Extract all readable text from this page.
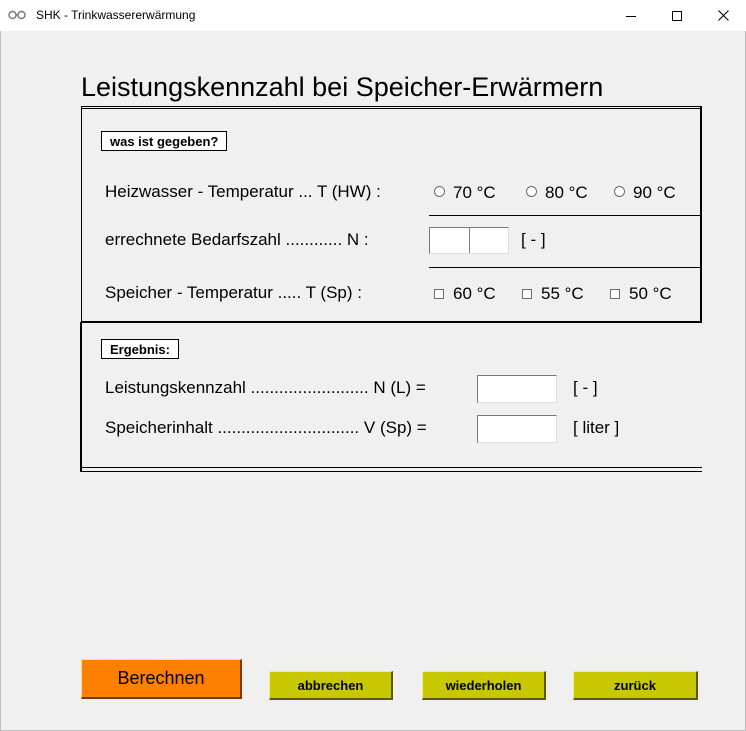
SHK - Trinkwassererwärmung
Leistungskennzahl bei Speicher-Erwärmern
was ist gegeben?
Heizwasser - Temperatur ... T (HW) :	70 °C	80 °C	90 °C
errechnete Bedarfszahl ............ N :	[ - ]
Speicher - Temperatur ..... T (Sp) :	60 °C	55 °C	50 °C
Ergebnis:
Leistungskennzahl ......................... N (L) =	[ - ]
Speicherinhalt .............................. V (Sp) =	[ liter ]
Berechnen	abbrechen	wiederholen	zurück
